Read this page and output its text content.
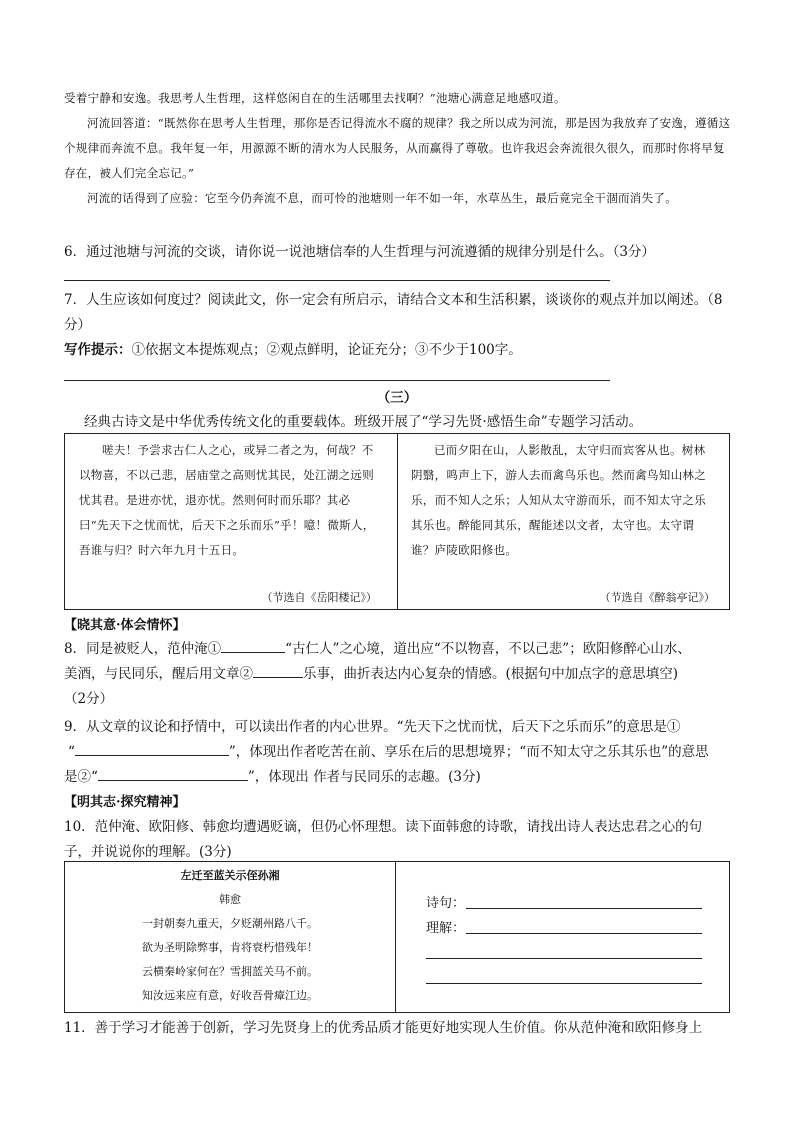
受着宁静和安逸。我思考人生哲理，这样悠闲自在的生活哪里去找啊？”池塘心满意足地感叹道。

河流回答道：“既然你在思考人生哲理，那你是否记得流水不腐的规律？我之所以成为河流，那是因为我放弃了安逸，遵循这个规律而奔流不息。我年复一年，用源源不断的清水为人民服务，从而赢得了尊敬。也许我迟会奔流很久很久，而那时你将早复存在，被人们完全忘记。”

河流的话得到了应验：它至今仍奔流不息，而可怜的池塘则一年不如一年，水草丛生，最后竟完全干涸而消失了。

6．通过池塘与河流的交谈，请你说一说池塘信奉的人生哲理与河流遵循的规律分别是什么。（3分）
7．人生应该如何度过？阅读此文，你一定会有所启示，请结合文本和生活积累，谈谈你的观点并加以阐述。（8分）
写作提示：①依据文本提炼观点；②观点鲜明，论证充分；③不少于100字。
（三）
经典古诗文是中华优秀传统文化的重要载体。班级开展了“学习先贤·感悟生命”专题学习活动。
嗟夫！予尝求古仁人之心，或异二者之为，何哉？不以物喜，不以己悲，居庙堂之高则忧其民，处江湖之远则忧其君。是进亦忧，退亦忧。然则何时而乐耶？其必曰“先天下之忧而忧，后天下之乐而乐”乎！噫！微斯人，吾谁与归？时六年九月十五日。
（节选自《岳阳楼记》）
已而夕阳在山，人影散乱，太守归而宾客从也。树林阴翳，鸣声上下，游人去而禽鸟乐也。然而禽鸟知山林之乐，而不知人之乐；人知从太守游而乐，而不知太守之乐其乐也。醉能同其乐，醒能述以文者，太守也。太守谓谁？庐陵欧阳修也。
（节选自《醉翁亭记》）
【晓其意·体会情怀】
8．同是被贬人，范仲淹①	“古仁人”之心境，道出应“不以物喜，不以己悲”；欧阳修醉心山水、
美酒，与民同乐，醒后用文章②	乐事，曲折表达内心复杂的情感。(根据句中加点字的意思填空)
（2分）
9．从文章的议论和抒情中，可以读出作者的内心世界。“先天下之忧而忧，后天下之乐而乐”的意思是①
“	”，体现出作者吃苦在前、享乐在后的思想境界；“而不知太守之乐其乐也”的意思
是②“	”，体现出 作者与民同乐的志趣。(3分)
【明其志·探究精神】
10．范仲淹、欧阳修、韩愈均遭遇贬谪，但仍心怀理想。读下面韩愈的诗歌，请找出诗人表达忠君之心的句
子，并说说你的理解。(3分)
左迁至蓝关示侄孙湘
韩愈
一封朝奏九重天，夕贬潮州路八千。
欲为圣明除弊事，肯将衰朽惜残年！
云横秦岭家何在？雪拥蓝关马不前。
知汝远来应有意，好收吾骨瘴江边。
诗句：
理解：
11．善于学习才能善于创新，学习先贤身上的优秀品质才能更好地实现人生价值。你从范仲淹和欧阳修身上
